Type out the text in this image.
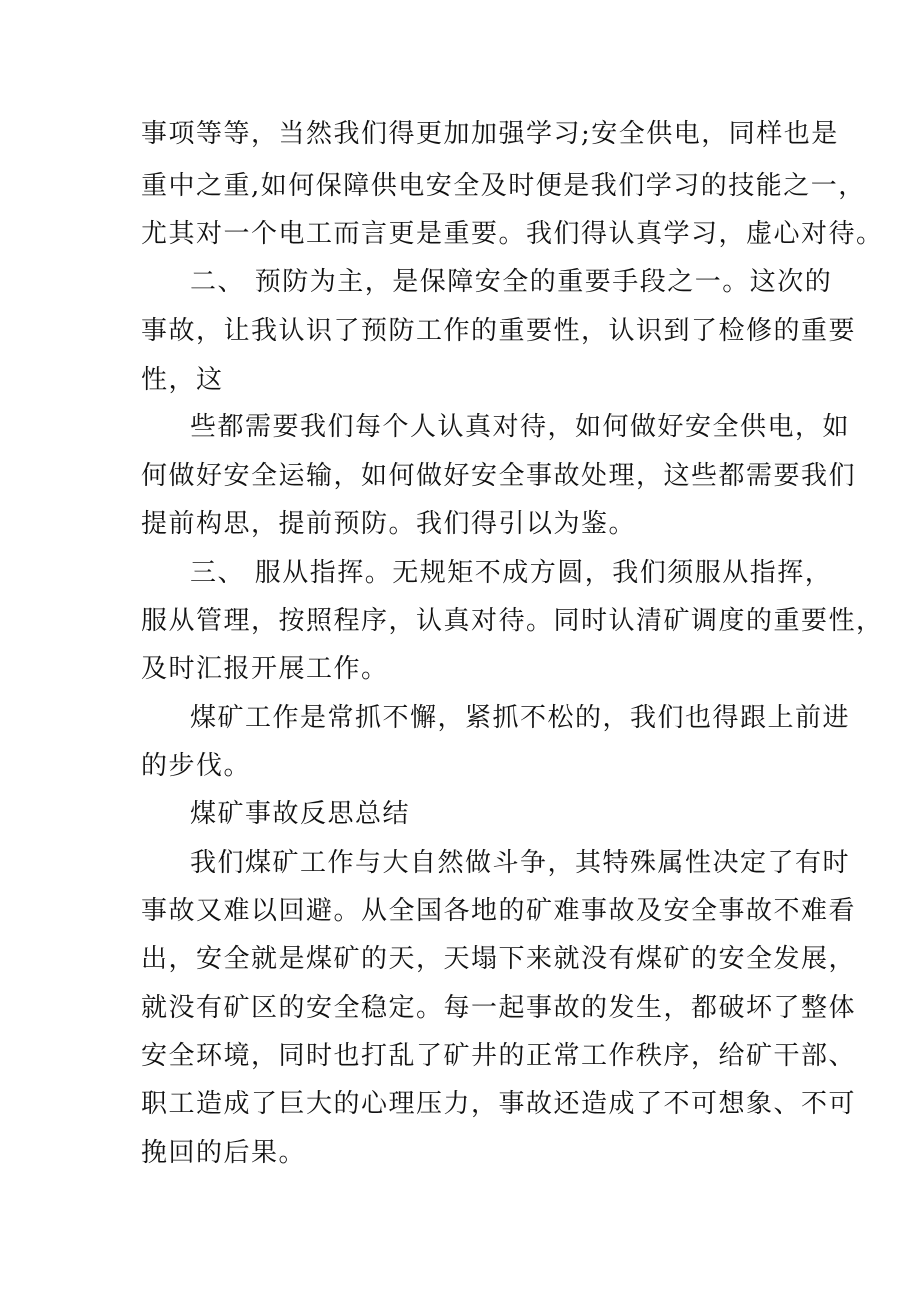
事项等等，当然我们得更加加强学习;安全供电，同样也是
重中之重,如何保障供电安全及时便是我们学习的技能之一，
尤其对一个电工而言更是重要。我们得认真学习，虚心对待。
二、 预防为主，是保障安全的重要手段之一。这次的
事故，让我认识了预防工作的重要性，认识到了检修的重要
性，这
些都需要我们每个人认真对待，如何做好安全供电，如
何做好安全运输，如何做好安全事故处理，这些都需要我们
提前构思，提前预防。我们得引以为鉴。
三、 服从指挥。无规矩不成方圆，我们须服从指挥，
服从管理，按照程序，认真对待。同时认清矿调度的重要性，
及时汇报开展工作。
煤矿工作是常抓不懈，紧抓不松的，我们也得跟上前进
的步伐。
煤矿事故反思总结
我们煤矿工作与大自然做斗争，其特殊属性决定了有时
事故又难以回避。从全国各地的矿难事故及安全事故不难看
出，安全就是煤矿的天，天塌下来就没有煤矿的安全发展，
就没有矿区的安全稳定。每一起事故的发生，都破坏了整体
安全环境，同时也打乱了矿井的正常工作秩序，给矿干部、
职工造成了巨大的心理压力，事故还造成了不可想象、不可
挽回的后果。
